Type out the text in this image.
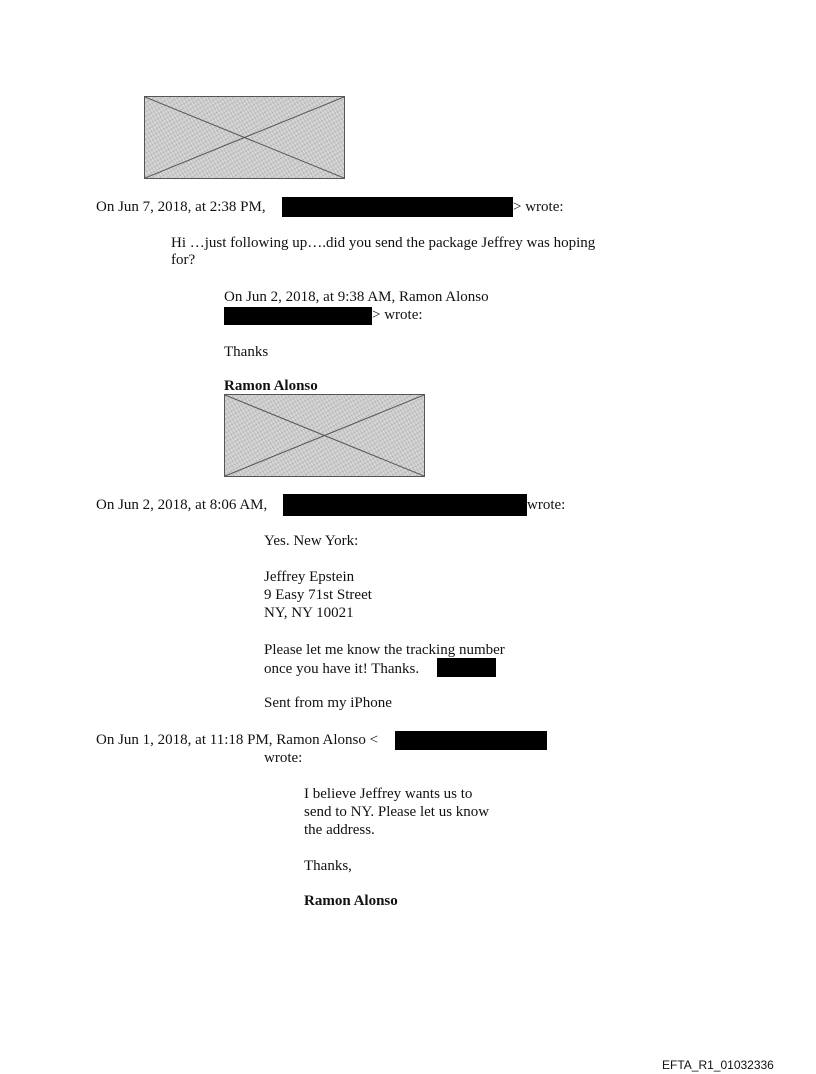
On Jun 7, 2018, at 2:38 PM,	> wrote:
Hi …just following up….did you send the package Jeffrey was hoping
for?
On Jun 2, 2018, at 9:38 AM, Ramon Alonso
> wrote:
Thanks
Ramon Alonso
On Jun 2, 2018, at 8:06 AM,	wrote:
Yes. New York:
Jeffrey Epstein
9 Easy 71st Street
NY, NY 10021
Please let me know the tracking number
once you have it! Thanks.
Sent from my iPhone
On Jun 1, 2018, at 11:18 PM, Ramon Alonso <
wrote:
I believe Jeffrey wants us to
send to NY. Please let us know
the address.
Thanks,
Ramon Alonso
EFTA_R1_01032336
